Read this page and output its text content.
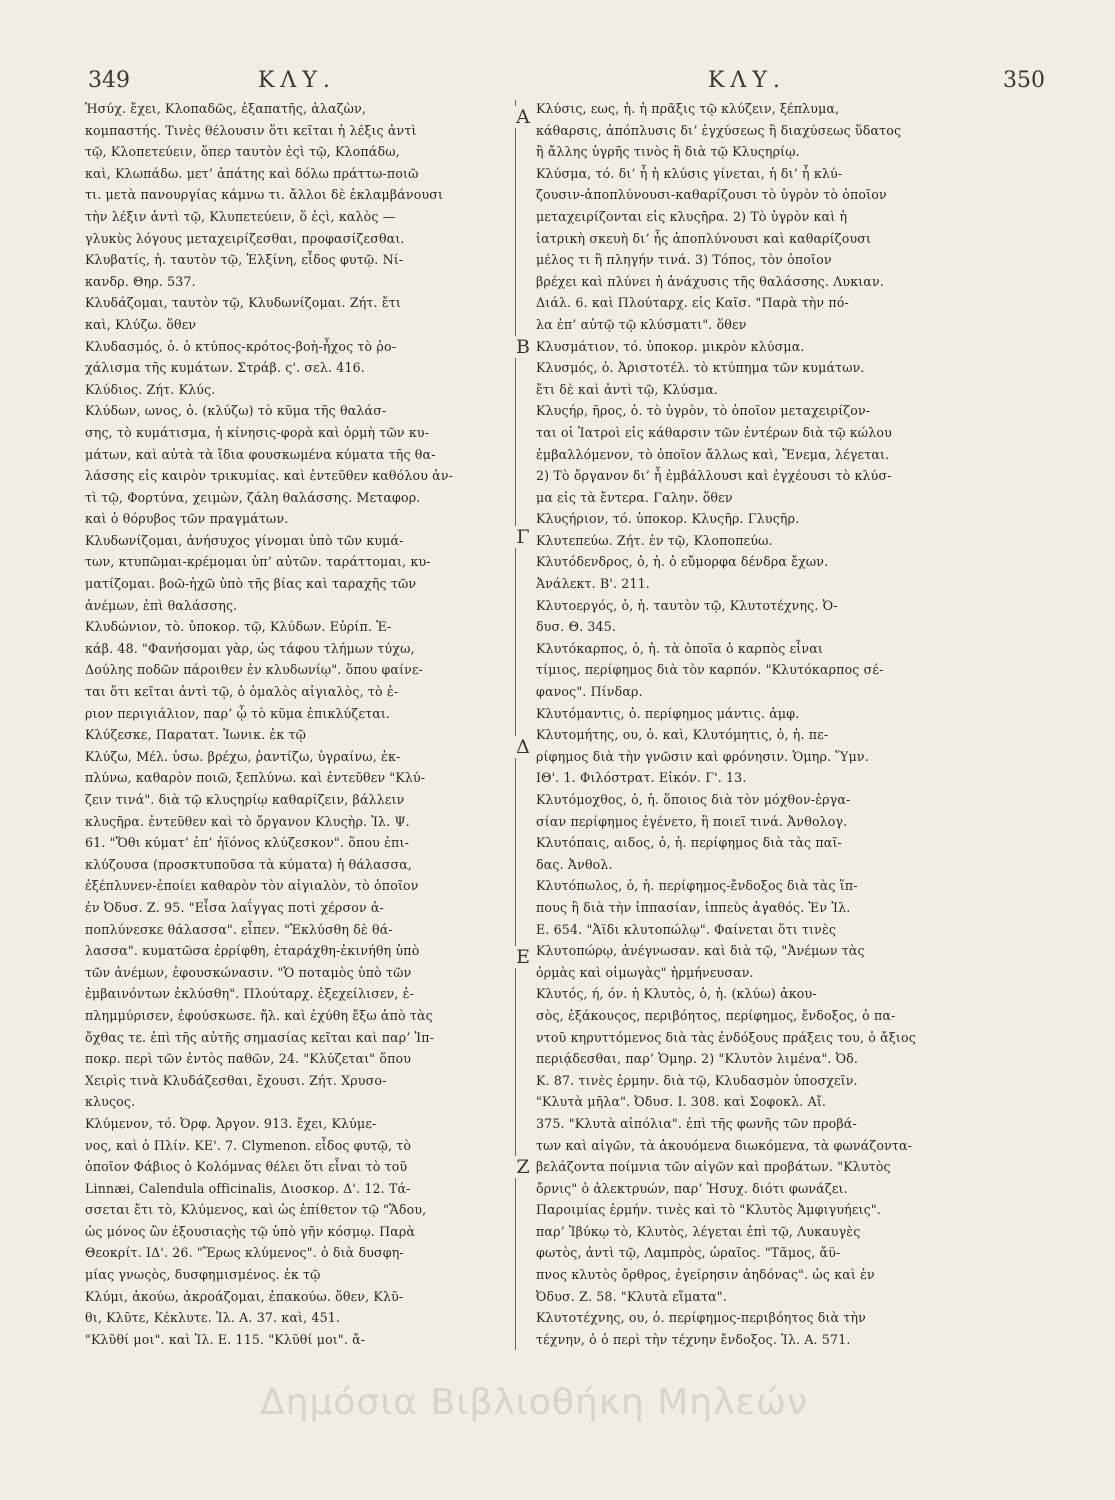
349	ΚΛΥ.	ΚΛΥ.	350
Ἡσύχ. ἔχει, Κλοπαδῶς, ἐξαπατῆς, ἀλαζὼν,
κομπαστής. Τινὲς θέλουσιν ὅτι κεῖται ἡ λέξις ἀντὶ
τῷ, Κλοπετεύειν, ὅπερ ταυτὸν ἐςὶ τῷ, Κλοπάδω,
καὶ, Κλωπάδω. μετ’ ἀπάτης καὶ δόλω πράττω-ποιῶ
τι. μετὰ πανουργίας κάμνω τι. ἄλλοι δὲ ἐκλαμβάνουσι
τὴν λέξιν ἀντὶ τῷ, Κλυπετεύειν, ὅ ἐςὶ, καλὸς —
γλυκὺς λόγους μεταχειρίζεσθαι, προφασίζεσθαι.
Κλυβατίς, ἡ. ταυτὸν τῷ, Ἑλξίνη, εἶδος φυτῷ. Νί-
κανδρ. Θηρ. 537.
Κλυδάζομαι, ταυτὸν τῷ, Κλυδωνίζομαι. Ζήτ. ἔτι
καὶ, Κλύζω. ὅθεν
Κλυδασμός, ὁ. ὁ κτύπος-κρότος-βοὴ-ἦχος τὸ ῥο-
χάλισμα τῆς κυμάτων. Στράβ. ς'. σελ. 416.
Κλύδιος. Ζήτ. Κλύς.
Κλύδων, ωνος, ὁ. (κλύζω) τὸ κῦμα τῆς θαλάσ-
σης, τὸ κυμάτισμα, ἡ κίνησις-φορὰ καὶ ὁρμὴ τῶν κυ-
μάτων, καὶ αὐτὰ τὰ ἴδια φουσκωμένα κύματα τῆς θα-
λάσσης εἰς καιρὸν τρικυμίας. καὶ ἐντεῦθεν καθόλου ἀν-
τὶ τῷ, Φορτύνα, χειμὼν, ζάλη θαλάσσης. Μεταφορ.
καὶ ὁ θόρυβος τῶν πραγμάτων.
Κλυδωνίζομαι, ἀνήσυχος γίνομαι ὑπὸ τῶν κυμά-
των, κτυπῶμαι-κρέμομαι ὑπ’ αὐτῶν. ταράττομαι, κυ-
ματίζομαι. βοῶ-ἠχῶ ὑπὸ τῆς βίας καὶ ταραχῆς τῶν
ἀνέμων, ἐπὶ θαλάσσης.
Κλυδώνιον, τὸ. ὑποκορ. τῷ, Κλύδων. Εὐρίπ. Ἑ-
κάβ. 48. "Φανήσομαι γὰρ, ὡς τάφου τλήμων τύχω,
Δούλης ποδῶν πάροιθεν ἐν κλυδωνίῳ". ὅπου φαίνε-
ται ὅτι κεῖται ἀντὶ τῷ, ὁ ὁμαλὸς αἰγιαλὸς, τὸ ἐ-
ριον περιγιάλιον, παρ’ ᾧ τὸ κῦμα ἐπικλύζεται.
Κλύζεσκε, Παρατατ. Ἰωνικ. ἐκ τῷ
Κλύζω, Μέλ. ὑσω. βρέχω, ῥαντίζω, ὑγραίνω, ἐκ-
πλύνω, καθαρὸν ποιῶ, ξεπλύνω. καὶ ἐντεῦθεν "Κλύ-
ζειν τινά". διὰ τῷ κλυςηρίῳ καθαρίζειν, βάλλειν
κλυςῆρα. ἐντεῦθεν καὶ τὸ ὄργανον Κλυςὴρ. Ἰλ. Ψ.
61. "Ὅθι κύματ’ ἐπ’ ἠϊόνος κλύζεσκον". ὅπου ἐπι-
κλύζουσα (προσκτυποῦσα τὰ κύματα) ἡ θάλασσα,
ἐξέπλυνεν-ἐποίει καθαρὸν τὸν αἰγιαλὸν, τὸ ὁποῖον
ἐν Ὀδυσ. Ζ. 95. "Εἶσα λαΐγγας ποτὶ χέρσον ἀ-
ποπλύνεσκε θάλασσα". εἶπεν. "Ἐκλύσθη δὲ θά-
λασσα". κυματῶσα ἐρρίφθη, ἐταράχθη-ἐκινήθη ὑπὸ
τῶν ἀνέμων, ἐφουσκώνασιν. "Ὁ ποταμὸς ὑπὸ τῶν
ἐμβαινόντων ἐκλύσθη". Πλούταρχ. ἐξεχείλισεν, ἐ-
πλημμύρισεν, ἐφούσκωσε. ἤλ. καὶ ἐχύθη ἔξω ἀπὸ τὰς
ὄχθας τε. ἐπὶ τῆς αὐτῆς σημασίας κεῖται καὶ παρ’ Ἱπ-
ποκρ. περὶ τῶν ἐντὸς παθῶν, 24. "Κλύζεται" ὅπου
Χειρὶς τινὰ Κλυδάζεσθαι, ἔχουσι. Ζήτ. Χρυσο-
κλυςος.
Κλύμενον, τό. Ὀρφ. Ἀργον. 913. ἔχει, Κλύμε-
νος, καὶ ὁ Πλίν. ΚΕ'. 7. Clymenon. εἶδος φυτῷ, τὸ
ὁποῖον Φάβιος ὁ Κολόμνας θέλει ὅτι εἶναι τὸ τοῦ
Linnæi, Calendula officinalis, Διοσκορ. Δ'. 12. Τά-
σσεται ἔτι τὸ, Κλύμενος, καὶ ὡς ἐπίθετον τῷ "Ἅδου,
ὡς μόνος ὢν ἐξουσιαςὴς τῷ ὑπὸ γῆν κόσμῳ. Παρὰ
Θεοκρίτ. ΙΔ'. 26. "Ἔρως κλύμενος". ὁ διὰ δυσφη-
μίας γνωςὸς, δυσφημισμένος. ἐκ τῷ
Κλύμι, ἀκούω, ἀκροάζομαι, ἐπακούω. ὅθεν, Κλῦ-
θι, Κλῦτε, Κέκλυτε. Ἰλ. Α. 37. καὶ, 451.
"Κλῦθί μοι". καὶ Ἰλ. Ε. 115. "Κλῦθί μοι". ἄ-
Α
Β
Γ
Δ
Ε
Ζ
Κλύσις, εως, ἡ. ἡ πρᾶξις τῷ κλύζειν, ξέπλυμα,
κάθαρσις, ἀπόπλυσις διʼ ἐγχύσεως ἢ διαχύσεως ὕδατος
ἢ ἄλλης ὑγρῆς τινὸς ἢ διὰ τῷ Κλυςηρίῳ.
Κλύσμα, τό. δι’ ἧ ἡ κλύσις γίνεται, ἡ δι’ ἧ κλύ-
ζουσιν-ἀποπλύνουσι-καθαρίζουσι τὸ ὑγρὸν τὸ ὁποῖον
μεταχειρίζονται εἰς κλυςῆρα. 2) Τὸ ὑγρὸν καὶ ἡ
ἰατρικὴ σκευὴ διʼ ἧς ἀποπλύνουσι καὶ καθαρίζουσι
μέλος τι ἢ πληγήν τινά. 3) Τόπος, τὸν ὁποῖον
βρέχει καὶ πλύνει ἡ ἀνάχυσις τῆς θαλάσσης. Λυκιαν.
Διάλ. 6. καὶ Πλούταρχ. εἰς Καῖσ. "Παρὰ τὴν πό-
λα ἐπ’ αὐτῷ τῷ κλύσματι". ὅθεν
Κλυσμάτιον, τό. ὑποκορ. μικρὸν κλύσμα.
Κλυσμός, ὁ. Ἀριστοτέλ. τὸ κτύπημα τῶν κυμάτων.
ἔτι δὲ καὶ ἀντὶ τῷ, Κλύσμα.
Κλυςήρ, ῆρος, ὁ. τὸ ὑγρὸν, τὸ ὁποῖον μεταχειρίζον-
ται οἱ Ἰατροὶ εἰς κάθαρσιν τῶν ἐντέρων διὰ τῷ κώλου
ἐμβαλλόμενον, τὸ ὁποῖον ἄλλως καὶ, Ἔνεμα, λέγεται.
2) Τὸ ὄργανον δι’ ἧ ἐμβάλλουσι καὶ ἐγχέουσι τὸ κλύσ-
μα εἰς τὰ ἔντερα. Γαλην. ὅθεν
Κλυςήριον, τό. ὑποκορ. Κλυςῆρ. Γλυςῆρ.
Κλυτεπεύω. Ζήτ. ἐν τῷ, Κλοποπεύω.
Κλυτόδενδρος, ὁ, ἡ. ὁ εὔμορφα δένδρα ἔχων.
Ἀνάλεκτ. Β'. 211.
Κλυτοεργός, ὁ, ἡ. ταυτὸν τῷ, Κλυτοτέχνης. Ὀ-
δυσ. Θ. 345.
Κλυτόκαρπος, ὁ, ἡ. τὰ ὁποῖα ὁ καρπὸς εἶναι
τίμιος, περίφημος διὰ τὸν καρπόν. "Κλυτόκαρπος σέ-
φανος". Πίνδαρ.
Κλυτόμαντις, ὁ. περίφημος μάντις. ἀμφ.
Κλυτομήτης, ου, ὁ. καὶ, Κλυτόμητις, ὁ, ἡ. πε-
ρίφημος διὰ τὴν γνῶσιν καὶ φρόνησιν. Ὁμηρ. Ὕμν.
ΙΘ'. 1. Φιλόστρατ. Εἰκόν. Γ'. 13.
Κλυτόμοχθος, ὁ, ἡ. ὅποιος διὰ τὸν μόχθον-ἐργα-
σίαν περίφημος ἐγένετο, ἢ ποιεῖ τινά. Ἀνθολογ.
Κλυτόπαις, αιδος, ὁ, ἡ. περίφημος διὰ τὰς παῖ-
δας. Ἀνθολ.
Κλυτόπωλος, ὁ, ἡ. περίφημος-ἔνδοξος διὰ τὰς ἵπ-
πους ἢ διὰ τὴν ἱππασίαν, ἱππεὺς ἀγαθός. Ἐν Ἰλ.
Ε. 654. "Ἀϊδι κλυτοπώλῳ". Φαίνεται ὅτι τινὲς
Κλυτοπώρῳ, ἀνέγνωσαν. καὶ διὰ τῷ, "Ἀνέμων τὰς
ὁρμὰς καὶ οἰμωγὰς" ἡρμήνευσαν.
Κλυτός, ή, όν. ἡ Κλυτὸς, ὁ, ἡ. (κλύω) ἀκου-
σὸς, ἐξάκουςος, περιβόητος, περίφημος, ἔνδοξος, ὁ πα-
ντοῦ κηρυττόμενος διὰ τὰς ἐνδόξους πράξεις του, ὁ ἄξιος
περιᾴδεσθαι, παρ’ Ὁμηρ. 2) "Κλυτὸν λιμένα". Ὀδ.
Κ. 87. τινὲς ἑρμην. διὰ τῷ, Κλυδασμὸν ὑποσχεῖν.
"Κλυτὰ μῆλα". Ὀδυσ. Ι. 308. καὶ Σοφοκλ. Αἴ.
375. "Κλυτὰ αἰπόλια". ἐπὶ τῆς φωνῆς τῶν προβά-
των καὶ αἰγῶν, τὰ ἀκουόμενα διωκόμενα, τὰ φωνάζοντα-
βελάζοντα ποίμνια τῶν αἰγῶν καὶ προβάτων. "Κλυτὸς
ὄρνις" ὁ ἀλεκτρυών, παρ’ Ἡσυχ. διότι φωνάζει.
Παροιμίας ἑρμήν. τινὲς καὶ τὸ "Κλυτὸς Ἀμφιγυήεις".
παρ’ Ἰβύκῳ τὸ, Κλυτὸς, λέγεται ἐπὶ τῷ, Λυκαυγὲς
φωτὸς, ἀντὶ τῷ, Λαμπρὸς, ὡραῖος. "Τᾶμος, ἄϋ-
πνος κλυτὸς ὄρθρος, ἐγείρησιν ἀηδόνας". ὡς καὶ ἐν
Ὀδυσ. Ζ. 58. "Κλυτὰ εἵματα".
Κλυτοτέχνης, ου, ὁ. περίφημος-περιβόητος διὰ τὴν
τέχνην, ὁ ὁ περὶ τὴν τέχνην ἔνδοξος. Ἰλ. Α. 571.
Δημόσια Βιβλιοθήκη Μηλεών
